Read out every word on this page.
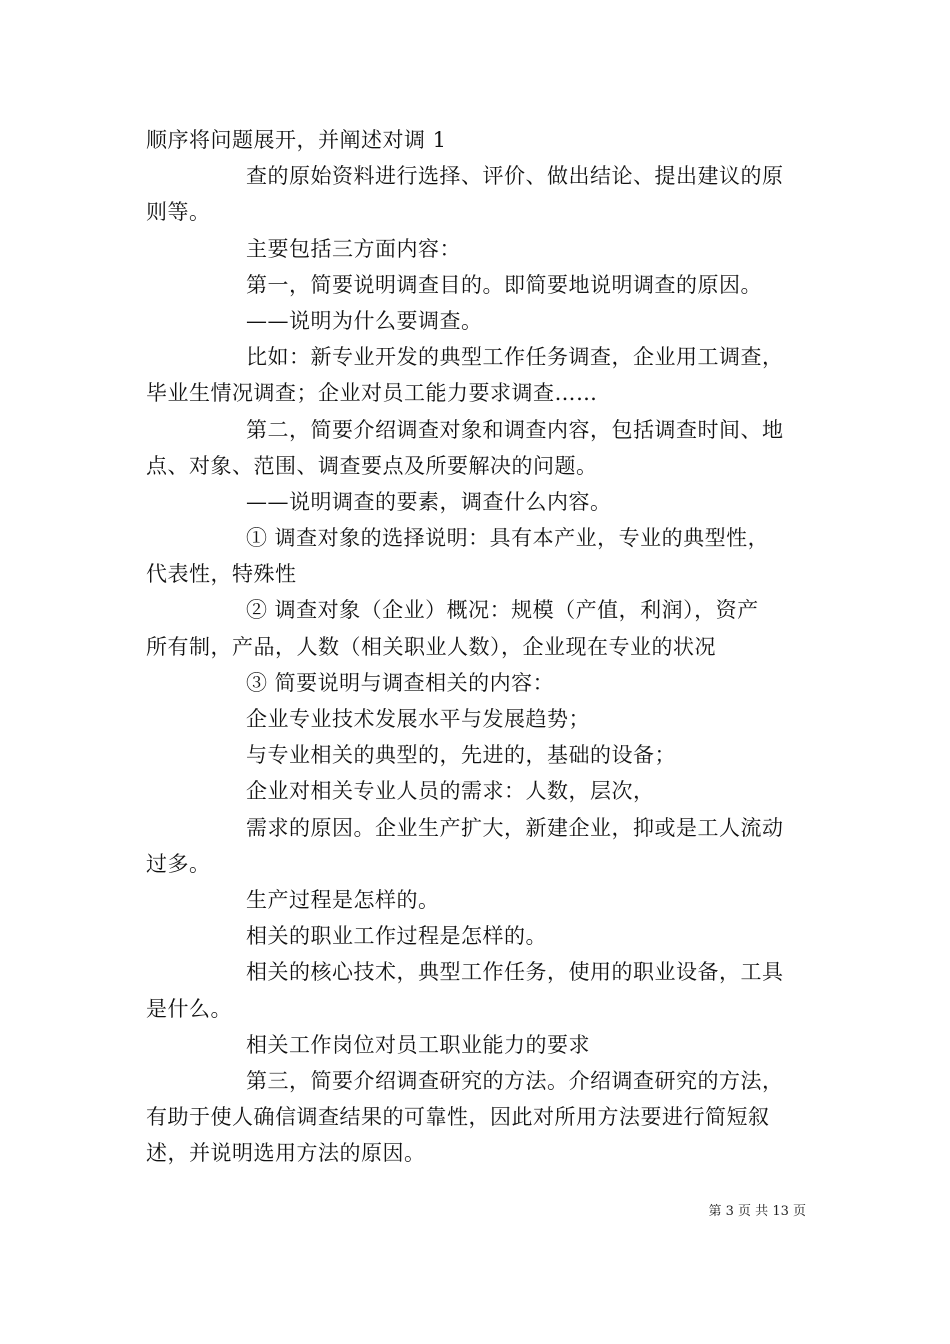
顺序将问题展开，并阐述对调 1
查的原始资料进行选择、评价、做出结论、提出建议的原
则等。
主要包括三方面内容：
第一，简要说明调查目的。即简要地说明调查的原因。
——说明为什么要调查。
比如：新专业开发的典型工作任务调查，企业用工调查，
毕业生情况调查；企业对员工能力要求调查……
第二，简要介绍调查对象和调查内容，包括调查时间、地
点、对象、范围、调查要点及所要解决的问题。
——说明调查的要素，调查什么内容。
① 调查对象的选择说明：具有本产业，专业的典型性，
代表性，特殊性
② 调查对象（企业）概况：规模（产值，利润），资产
所有制，产品，人数（相关职业人数），企业现在专业的状况
③ 简要说明与调查相关的内容：
企业专业技术发展水平与发展趋势；
与专业相关的典型的，先进的，基础的设备；
企业对相关专业人员的需求：人数，层次，
需求的原因。企业生产扩大，新建企业，抑或是工人流动
过多。
生产过程是怎样的。
相关的职业工作过程是怎样的。
相关的核心技术，典型工作任务，使用的职业设备，工具
是什么。
相关工作岗位对员工职业能力的要求
第三，简要介绍调查研究的方法。介绍调查研究的方法，
有助于使人确信调查结果的可靠性，因此对所用方法要进行简短叙
述，并说明选用方法的原因。
第 3 页 共 13 页
